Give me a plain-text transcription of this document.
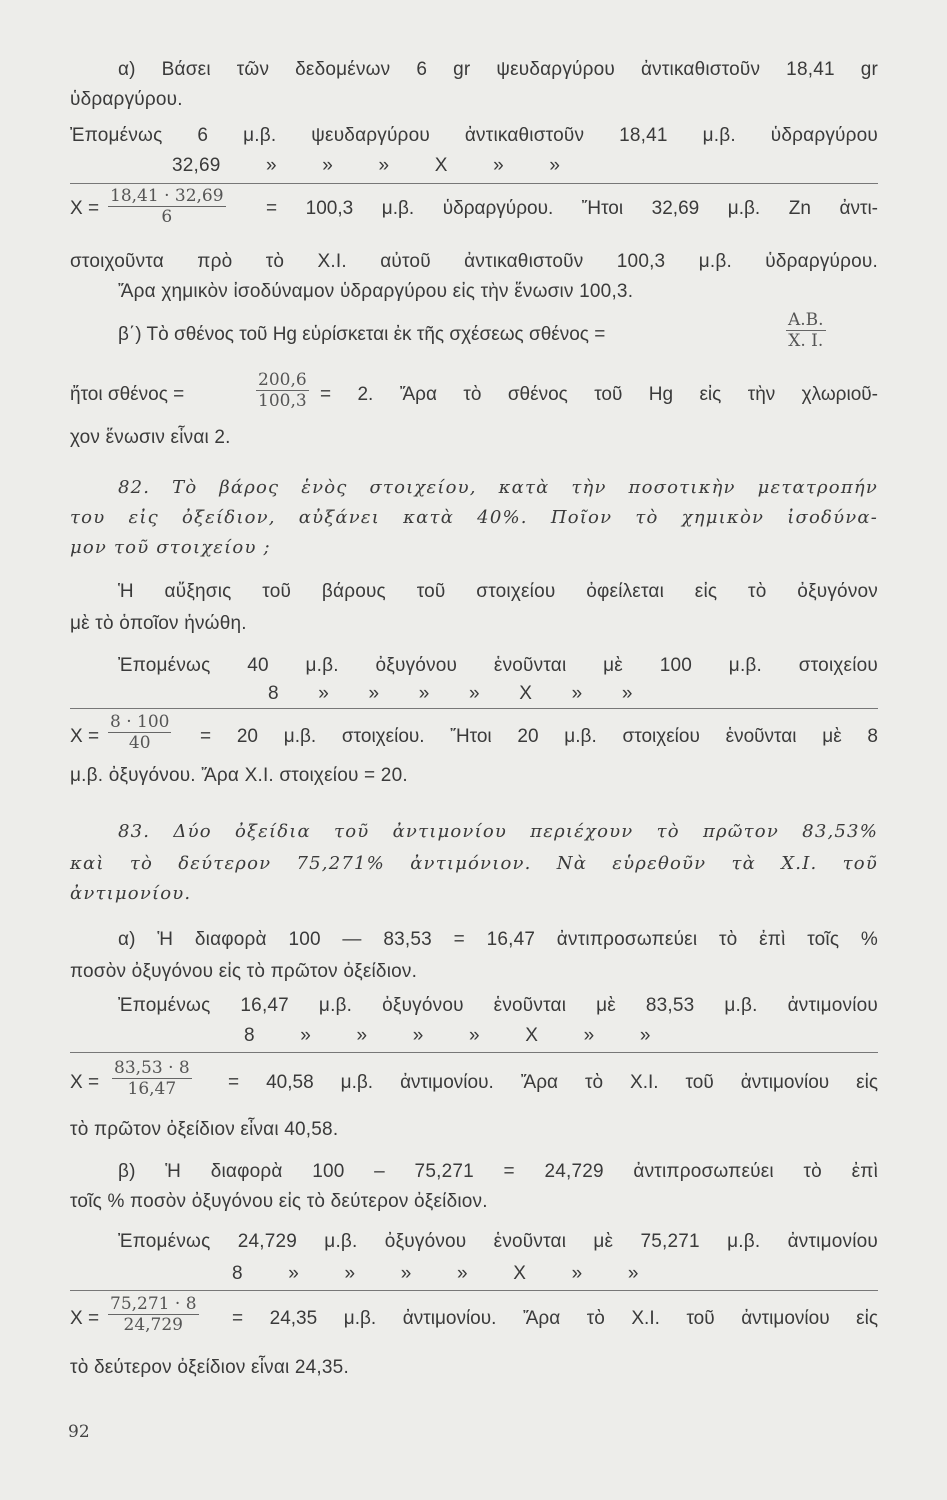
α) Βάσει τῶν δεδομένων 6 gr ψευδαργύρου ἀντικαθιστοῦν 18,41 gr
ὑδραργύρου.
Ἐπομένως 6 μ.β. ψευδαργύρου ἀντικαθιστοῦν 18,41 μ.β. ὑδραργύρου
32,69 » » » X » »
$X = \frac{18,41 \cdot 32,69}{6} = 100,3$ μ.β. ὑδραργύρου. Ἤτοι 32,69 μ.β. Zn ἀντι-
στοιχοῦντα πρὸ τὸ X.I. αὐτοῦ ἀντικαθιστοῦν 100,3 μ.β. ὑδραργύρου.
Ἄρα χημικὸν ἰσοδύναμον ὑδραργύρου εἰς τὴν ἕνωσιν 100,3.
β΄) Τὸ σθένος τοῦ Hg εὑρίσκεται ἐκ τῆς σχέσεως σθένος =	$\frac{A.B.}{X. I.}$
ἤτοι σθένος =	$\frac{200,6}{100,3} = 2$. Ἄρα τὸ σθένος τοῦ Hg εἰς τὴν χλωριοῦ-
χον ἕνωσιν εἶναι 2.
82. Τὸ βάρος ἑνὸς στοιχείου, κατὰ τὴν ποσοτικὴν μετατροπήν
του εἰς ὀξείδιον, αὐξάνει κατὰ 40%. Ποῖον τὸ χημικὸν ἰσοδύνα-
μον τοῦ στοιχείου ;
Ἡ αὔξησις τοῦ βάρους τοῦ στοιχείου ὀφείλεται εἰς τὸ ὀξυγόνον
μὲ τὸ ὁποῖον ἡνώθη.
Ἐπομένως 40 μ.β. ὀξυγόνου ἑνοῦνται μὲ 100 μ.β. στοιχείου
8 » » » » X » »
$X = \frac{8 \cdot 100}{40} = 20$ μ.β. στοιχείου. Ἤτοι 20 μ.β. στοιχείου ἑνοῦνται μὲ 8
μ.β. ὀξυγόνου. Ἄρα X.I. στοιχείου = 20.
83. Δύο ὀξείδια τοῦ ἀντιμονίου περιέχουν τὸ πρῶτον 83,53%
καὶ τὸ δεύτερον 75,271% ἀντιμόνιον. Νὰ εὑρεθοῦν τὰ X.I. τοῦ
ἀντιμονίου.
α) Ἡ διαφορὰ 100 — 83,53 = 16,47 ἀντιπροσωπεύει τὸ ἐπὶ τοῖς %
ποσὸν ὀξυγόνου εἰς τὸ πρῶτον ὀξείδιον.
Ἐπομένως 16,47 μ.β. ὀξυγόνου ἑνοῦνται μὲ 83,53 μ.β. ἀντιμονίου
8 » » » » X » »
$X = \frac{83,53 \cdot 8}{16,47} = 40,58$ μ.β. ἀντιμονίου. Ἄρα τὸ X.I. τοῦ ἀντιμονίου εἰς
τὸ πρῶτον ὀξείδιον εἶναι 40,58.
β) Ἡ διαφορὰ 100 – 75,271 = 24,729 ἀντιπροσωπεύει τὸ ἐπὶ
τοῖς % ποσὸν ὀξυγόνου εἰς τὸ δεύτερον ὀξείδιον.
Ἐπομένως 24,729 μ.β. ὀξυγόνου ἑνοῦνται μὲ 75,271 μ.β. ἀντιμονίου
8 » » » » X » »
$X = \frac{75,271 \cdot 8}{24,729} = 24,35$ μ.β. ἀντιμονίου. Ἄρα τὸ X.I. τοῦ ἀντιμονίου εἰς
τὸ δεύτερον ὀξείδιον εἶναι 24,35.
92
